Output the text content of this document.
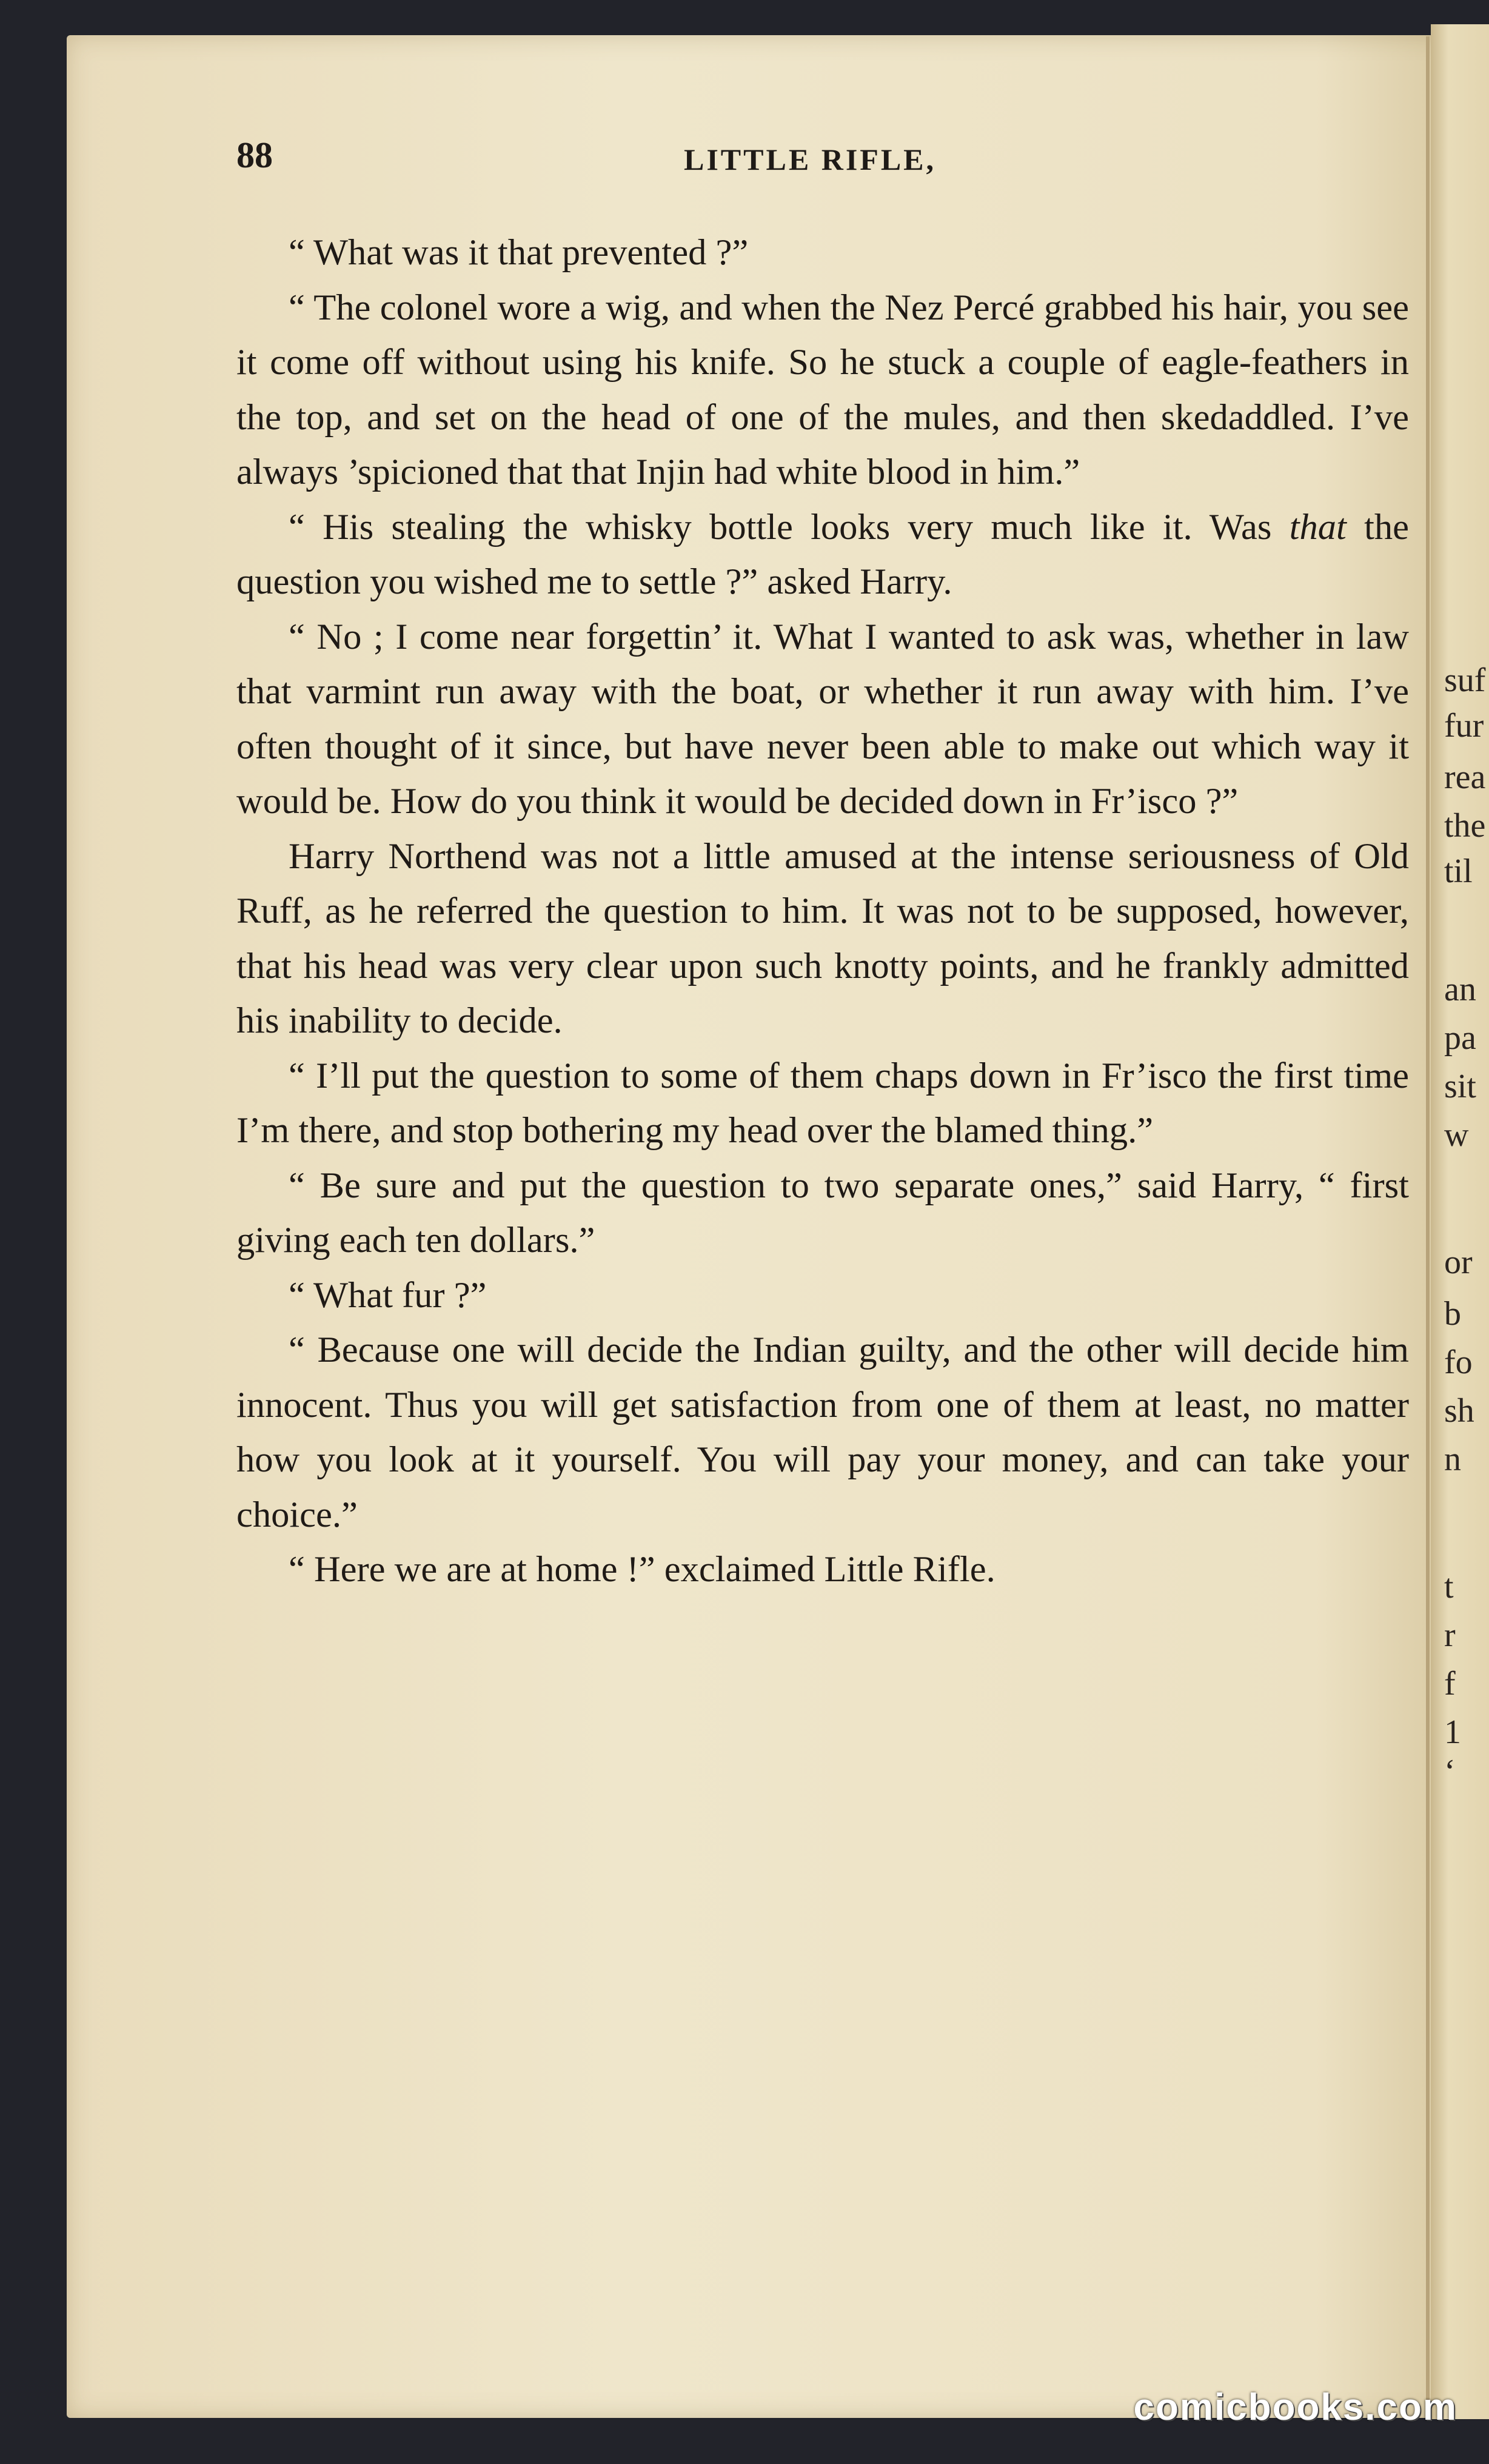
suf
fur
rea
the
til
an
pa
sit
w
or
b
fo
sh
n
t
r
f
1
‘
88	LITTLE RIFLE,

“ What was it that prevented ?”

“ The colonel wore a wig, and when the Nez Percé grabbed his hair, you see it come off without using his knife. So he stuck a couple of eagle-feathers in the top, and set on the head of one of the mules, and then skedaddled. I’ve always ’spicioned that that Injin had white blood in him.”

“ His stealing the whisky bottle looks very much like it. Was that the question you wished me to settle ?” asked Harry.

“ No ; I come near forgettin’ it. What I wanted to ask was, whether in law that varmint run away with the boat, or whether it run away with him. I’ve often thought of it since, but have never been able to make out which way it would be. How do you think it would be decided down in Fr’isco ?”

Harry Northend was not a little amused at the intense seriousness of Old Ruff, as he referred the question to him. It was not to be supposed, however, that his head was very clear upon such knotty points, and he frankly admitted his inability to decide.

“ I’ll put the question to some of them chaps down in Fr’isco the first time I’m there, and stop bothering my head over the blamed thing.”

“ Be sure and put the question to two separate ones,” said Harry, “ first giving each ten dollars.”

“ What fur ?”

“ Because one will decide the Indian guilty, and the other will decide him innocent. Thus you will get satisfaction from one of them at least, no matter how you look at it yourself. You will pay your money, and can take your choice.”

“ Here we are at home !” exclaimed Little Rifle.

comicbooks.com
